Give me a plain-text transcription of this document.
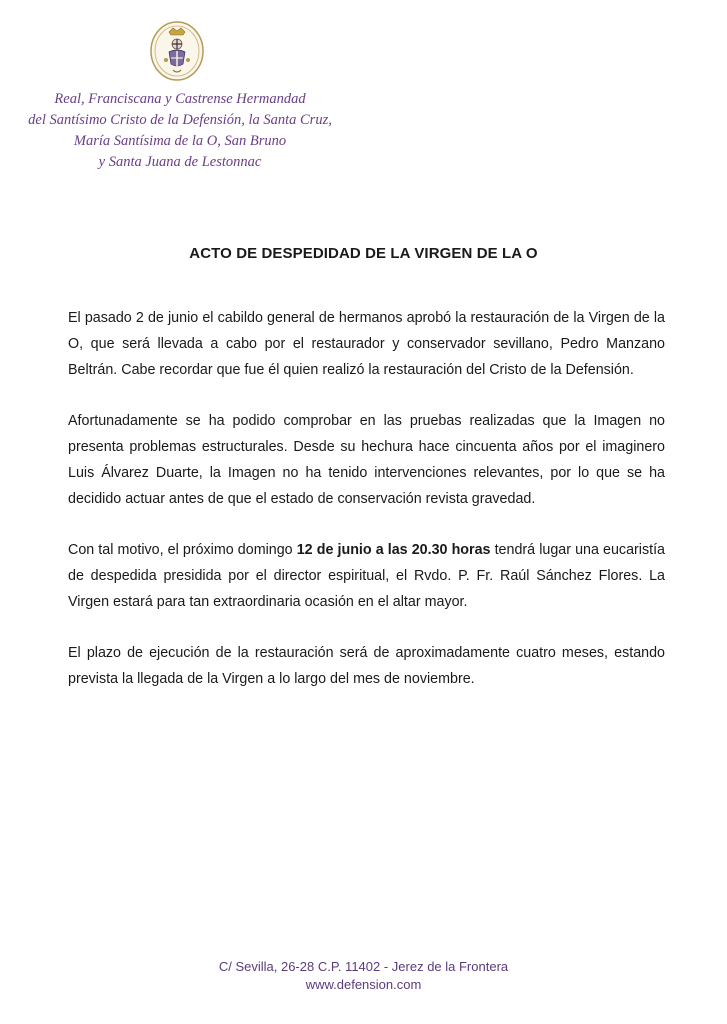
Real, Franciscana y Castrense Hermandad
del Santísimo Cristo de la Defensión, la Santa Cruz,
María Santísima de la O, San Bruno
y Santa Juana de Lestonnac
ACTO DE DESPEDIDAD DE LA VIRGEN DE LA O

El pasado 2 de junio el cabildo general de hermanos aprobó la restauración de la Virgen de la O, que será llevada a cabo por el restaurador y conservador sevillano, Pedro Manzano Beltrán. Cabe recordar que fue él quien realizó la restauración del Cristo de la Defensión.

Afortunadamente se ha podido comprobar en las pruebas realizadas que la Imagen no presenta problemas estructurales. Desde su hechura hace cincuenta años por el imaginero Luis Álvarez Duarte, la Imagen no ha tenido intervenciones relevantes, por lo que se ha decidido actuar antes de que el estado de conservación revista gravedad.

Con tal motivo, el próximo domingo 12 de junio a las 20.30 horas tendrá lugar una eucaristía de despedida presidida por el director espiritual, el Rvdo. P. Fr. Raúl Sánchez Flores. La Virgen estará para tan extraordinaria ocasión en el altar mayor.

El plazo de ejecución de la restauración será de aproximadamente cuatro meses, estando prevista la llegada de la Virgen a lo largo del mes de noviembre.

C/ Sevilla, 26-28 C.P. 11402 - Jerez de la Frontera
www.defension.com
